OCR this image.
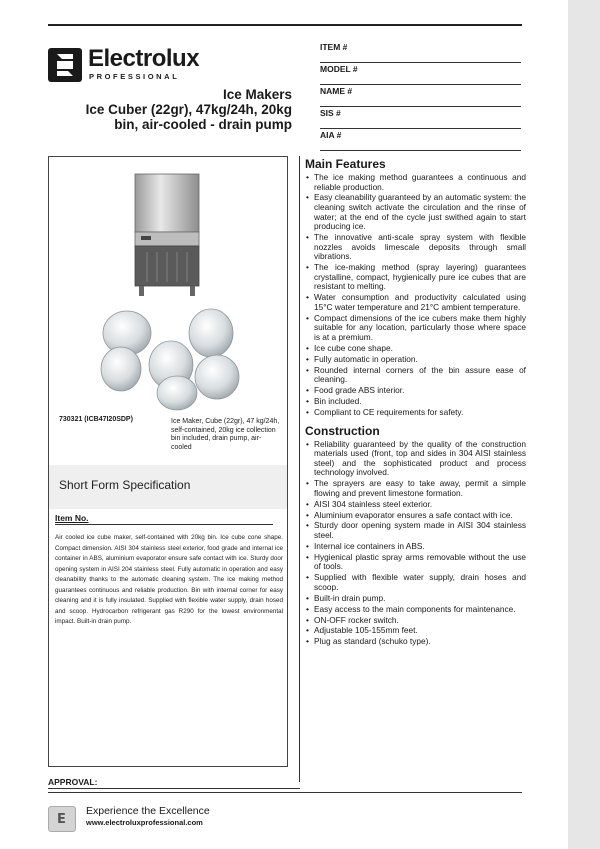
Electrolux
PROFESSIONAL
Ice Makers
Ice Cuber (22gr), 47kg/24h, 20kg
bin, air-cooled - drain pump
ITEM #
MODEL #
NAME #
SIS #
AIA #
730321 (ICB47I20SDP)	Ice Maker, Cube (22gr), 47 kg/24h, self-contained, 20kg ice collection bin included, drain pump, air-cooled
Short Form Specification
Item No.
Air cooled ice cube maker, self-contained with 20kg bin. Ice cube cone shape. Compact dimension. AISI 304 stainless steel exterior, food grade and internal ice container in ABS, aluminium evaporator ensure safe contact with ice. Sturdy door opening system in AISI 204 stainless steel. Fully automatic in operation and easy cleanability thanks to the automatic cleaning system. The ice making method guarantees continuous and reliable production. Bin with internal corner for easy cleaning and it is fully insulated. Supplied with flexible water supply, drain hosed and scoop. Hydrocarbon refrigerant gas R290 for the lowest environmental impact. Built-in drain pump.
Main Features
• The ice making method guarantees a continuous and reliable production.
• Easy cleanability guaranteed by an automatic system: the cleaning switch activate the circulation and the rinse of water; at the end of the cycle just swithed again to start producing ice.
• The innovative anti-scale spray system with flexible nozzles avoids limescale deposits through small vibrations.
• The ice-making method (spray layering) guarantees crystalline, compact, hygienically pure ice cubes that are resistant to melting.
• Water consumption and productivity calculated using 15°C water temperature and 21°C ambient temperature.
• Compact dimensions of the ice cubers make them highly suitable for any location, particularly those where space is at a premium.
• Ice cube cone shape.
• Fully automatic in operation.
• Rounded internal corners of the bin assure ease of cleaning.
• Food grade ABS interior.
• Bin included.
• Compliant to CE requirements for safety.
Construction
• Reliability guaranteed by the quality of the construction materials used (front, top and sides in 304 AISI stainless steel) and the sophisticated product and process technology involved.
• The sprayers are easy to take away, permit a simple flowing and prevent limestone formation.
• AISI 304 stainless steel exterior.
• Aluminium evaporator ensures a safe contact with ice.
• Sturdy door opening system made in AISI 304 stainless steel.
• Internal ice containers in ABS.
• Hygienical plastic spray arms removable without the use of tools.
• Supplied with flexible water supply, drain hoses and scoop.
• Built-in drain pump.
• Easy access to the main components for maintenance.
• ON-OFF rocker switch.
• Adjustable 105-155mm feet.
• Plug as standard (schuko type).
APPROVAL:
E
Experience the Excellence
www.electroluxprofessional.com
